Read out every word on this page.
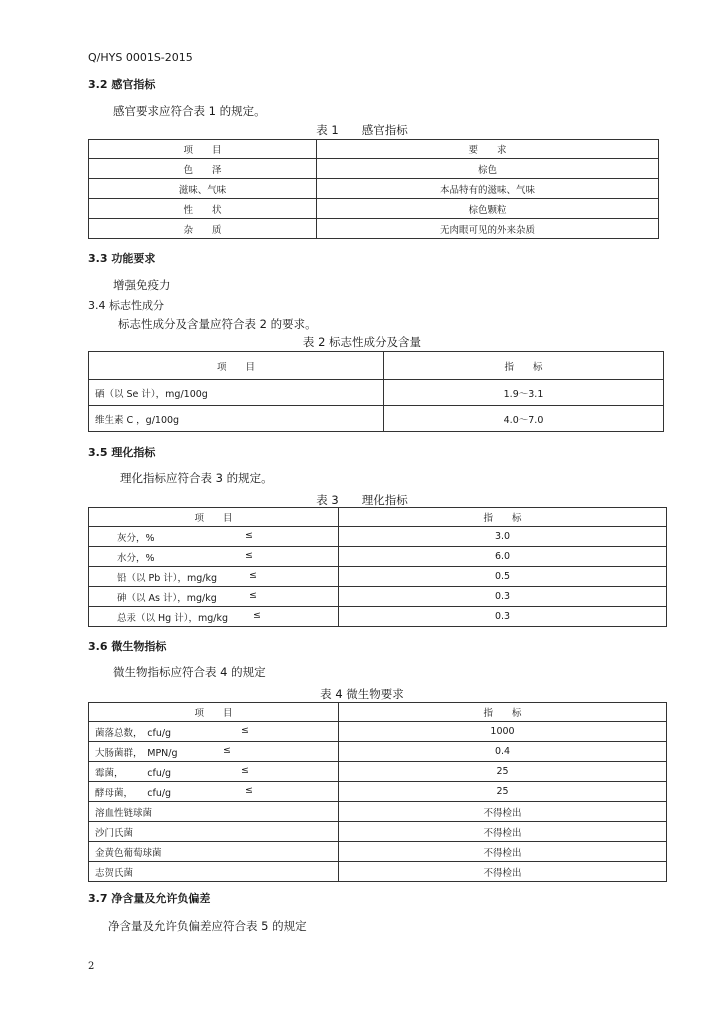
Q/HYS 0001S-2015
3.2 感官指标
感官要求应符合表 1 的规定。
表 1　　感官指标
项　　目	要　　求
色　　泽	棕色
滋味、气味	本品特有的滋味、气味
性　　状	棕色颗粒
杂　　质	无肉眼可见的外来杂质
3.3 功能要求
增强免疫力
3.4 标志性成分
标志性成分及含量应符合表 2 的要求。
表 2 标志性成分及含量
项　　目	指　　标
硒（以 Se 计），mg/100g	1.9～3.1
维生素 C ，g/100g	4.0～7.0
3.5 理化指标
理化指标应符合表 3 的规定。
表 3　　理化指标
项　　目	指　　标
灰分，% ≤	3.0
水分，% ≤	6.0
铅（以 Pb 计），mg/kg ≤	0.5
砷（以 As 计），mg/kg ≤	0.3
总汞（以 Hg 计），mg/kg ≤	0.3
3.6 微生物指标
微生物指标应符合表 4 的规定
表 4 微生物要求
项　　目	指　　标
菌落总数，　cfu/g ≤	1000
大肠菌群，　MPN/g ≤	0.4
霉菌，　　　cfu/g ≤	25
酵母菌，　　cfu/g ≤	25
溶血性链球菌	不得检出
沙门氏菌	不得检出
金黄色葡萄球菌	不得检出
志贺氏菌	不得检出
3.7 净含量及允许负偏差
净含量及允许负偏差应符合表 5 的规定
2
